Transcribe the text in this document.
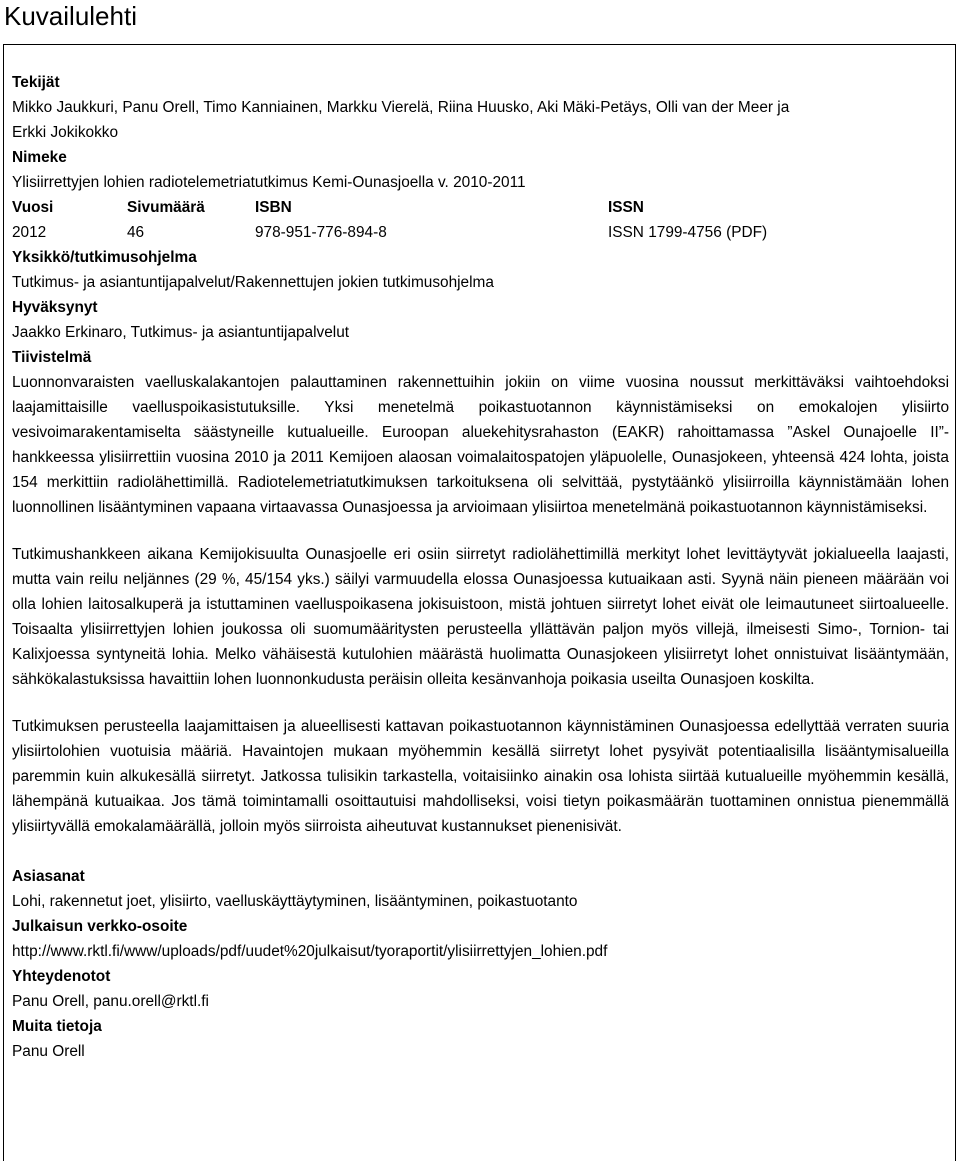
Kuvailulehti
Tekijät
Mikko Jaukkuri, Panu Orell, Timo Kanniainen, Markku Vierelä, Riina Huusko, Aki Mäki-Petäys, Olli van der Meer ja
Erkki Jokikokko
Nimeke
Ylisiirrettyjen lohien radiotelemetriatutkimus Kemi-Ounasjoella v. 2010-2011
Vuosi	Sivumäärä	ISBN	ISSN
2012	46	978-951-776-894-8	ISSN 1799-4756 (PDF)
Yksikkö/tutkimusohjelma
Tutkimus- ja asiantuntijapalvelut/Rakennettujen jokien tutkimusohjelma
Hyväksynyt
Jaakko Erkinaro, Tutkimus- ja asiantuntijapalvelut
Tiivistelmä
Luonnonvaraisten vaelluskalakantojen palauttaminen rakennettuihin jokiin on viime vuosina noussut merkittäväksi vaihtoehdoksi laajamittaisille vaelluspoikasistutuksille. Yksi menetelmä poikastuotannon käynnistämiseksi on emokalojen ylisiirto vesivoimarakentamiselta säästyneille kutualueille. Euroopan aluekehitysrahaston (EAKR) rahoittamassa ”Askel Ounajoelle II”-hankkeessa ylisiirrettiin vuosina 2010 ja 2011 Kemijoen alaosan voimalaitospatojen yläpuolelle, Ounasjokeen, yhteensä 424 lohta, joista 154 merkittiin radiolähettimillä. Radiotelemetriatutkimuksen tarkoituksena oli selvittää, pystytäänkö ylisiirroilla käynnistämään lohen luonnollinen lisääntyminen vapaana virtaavassa Ounasjoessa ja arvioimaan ylisiirtoa menetelmänä poikastuotannon käynnistämiseksi.
Tutkimushankkeen aikana Kemijokisuulta Ounasjoelle eri osiin siirretyt radiolähettimillä merkityt lohet levittäytyvät jokialueella laajasti, mutta vain reilu neljännes (29 %, 45/154 yks.) säilyi varmuudella elossa Ounasjoessa kutuaikaan asti. Syynä näin pieneen määrään voi olla lohien laitosalkuperä ja istuttaminen vaelluspoikasena jokisuistoon, mistä johtuen siirretyt lohet eivät ole leimautuneet siirtoalueelle. Toisaalta ylisiirrettyjen lohien joukossa oli suomumääritysten perusteella yllättävän paljon myös villejä, ilmeisesti Simo-, Tornion- tai Kalixjoessa syntyneitä lohia. Melko vähäisestä kutulohien määrästä huolimatta Ounasjokeen ylisiirretyt lohet onnistuivat lisääntymään, sähkökalastuksissa havaittiin lohen luonnonkudusta peräisin olleita kesänvanhoja poikasia useilta Ounasjoen koskilta.
Tutkimuksen perusteella laajamittaisen ja alueellisesti kattavan poikastuotannon käynnistäminen Ounasjoessa edellyttää verraten suuria ylisiirtolohien vuotuisia määriä. Havaintojen mukaan myöhemmin kesällä siirretyt lohet pysyivät potentiaalisilla lisääntymisalueilla paremmin kuin alkukesällä siirretyt. Jatkossa tulisikin tarkastella, voitaisiinko ainakin osa lohista siirtää kutualueille myöhemmin kesällä, lähempänä kutuaikaa. Jos tämä toimintamalli osoittautuisi mahdolliseksi, voisi tietyn poikasmäärän tuottaminen onnistua pienemmällä ylisiirtyvällä emokalamäärällä, jolloin myös siirroista aiheutuvat kustannukset pienenisivät.
Asiasanat
Lohi, rakennetut joet, ylisiirto, vaelluskäyttäytyminen, lisääntyminen, poikastuotanto
Julkaisun verkko-osoite
http://www.rktl.fi/www/uploads/pdf/uudet%20julkaisut/tyoraportit/ylisiirrettyjen_lohien.pdf
Yhteydenotot
Panu Orell, panu.orell@rktl.fi
Muita tietoja
Panu Orell
